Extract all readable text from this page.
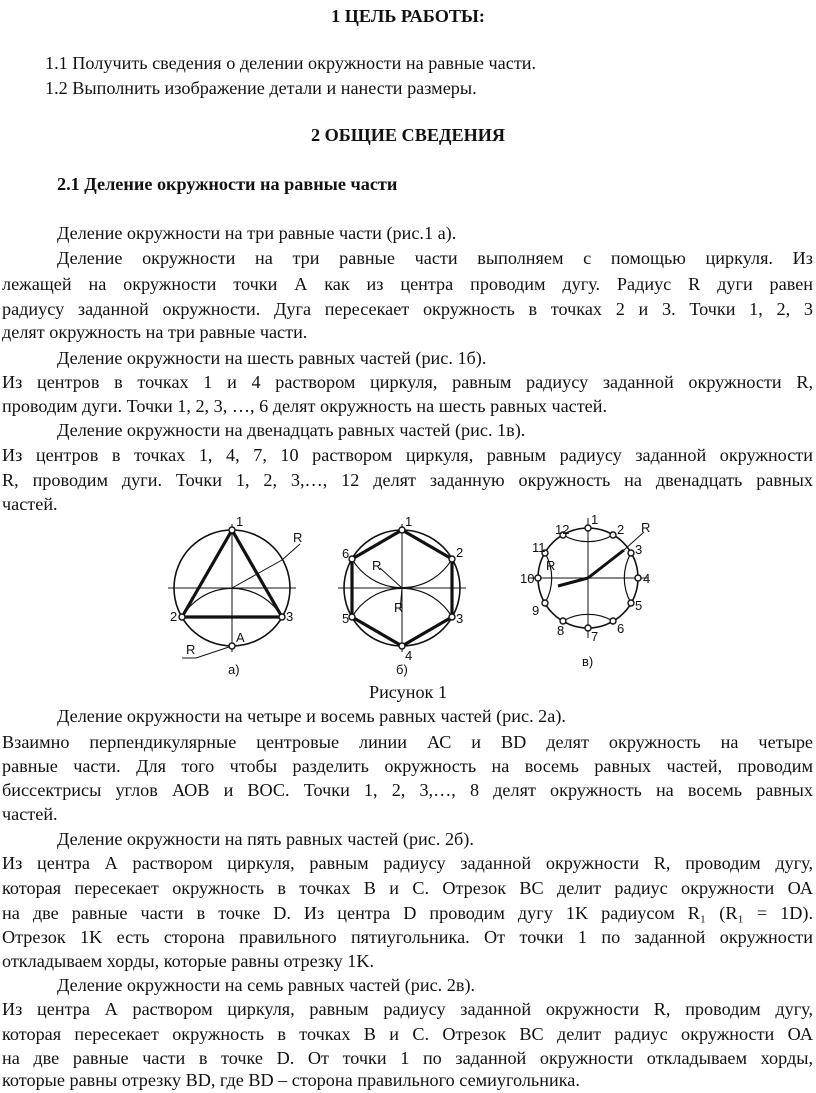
1 ЦЕЛЬ РАБОТЫ:
1.1 Получить сведения о делении окружности на равные части.
1.2 Выполнить изображение детали и нанести размеры.
2 ОБЩИЕ СВЕДЕНИЯ
2.1 Деление окружности на равные части
Деление окружности на три равные части (рис.1 а).
Деление окружности на три равные части выполняем с помощью циркуля. Из
лежащей на окружности точки А как из центра проводим дугу. Радиус R дуги равен
радиусу заданной окружности. Дуга пересекает окружность в точках 2 и 3. Точки 1, 2, 3
делят окружность на три равные части.
Деление окружности на шесть равных частей (рис. 1б).
Из центров в точках 1 и 4 раствором циркуля, равным радиусу заданной окружности R,
проводим дуги. Точки 1, 2, 3, …, 6 делят окружность на шесть равных частей.
Деление окружности на двенадцать равных частей (рис. 1в).
Из центров в точках 1, 4, 7, 10 раствором циркуля, равным радиусу заданной окружности
R, проводим дуги. Точки 1, 2, 3,…, 12 делят заданную окружность на двенадцать равных
частей.
1
2	3
А
R
R
а)
1
2
3
4
5
6
R
R
б)
1
2
3
4
5
6
7
8
9
10
11
12	R
R
в)
Рисунок 1
Деление окружности на четыре и восемь равных частей (рис. 2а).
Взаимно перпендикулярные центровые линии АС и BD делят окружность на четыре
равные части. Для того чтобы разделить окружность на восемь равных частей, проводим
биссектрисы углов АОВ и ВОС. Точки 1, 2, 3,…, 8 делят окружность на восемь равных
частей.
Деление окружности на пять равных частей (рис. 2б).
Из центра А раствором циркуля, равным радиусу заданной окружности R, проводим дугу,
которая пересекает окружность в точках В и С. Отрезок ВС делит радиус окружности ОА
на две равные части в точке D. Из центра D проводим дугу 1K радиусом R₁ (R₁ = 1D).
Отрезок 1K есть сторона правильного пятиугольника. От точки 1 по заданной окружности
откладываем хорды, которые равны отрезку 1K.
Деление окружности на семь равных частей (рис. 2в).
Из центра А раствором циркуля, равным радиусу заданной окружности R, проводим дугу,
которая пересекает окружность в точках В и С. Отрезок ВС делит радиус окружности ОА
на две равные части в точке D. От точки 1 по заданной окружности откладываем хорды,
которые равны отрезку BD, где BD – сторона правильного семиугольника.
